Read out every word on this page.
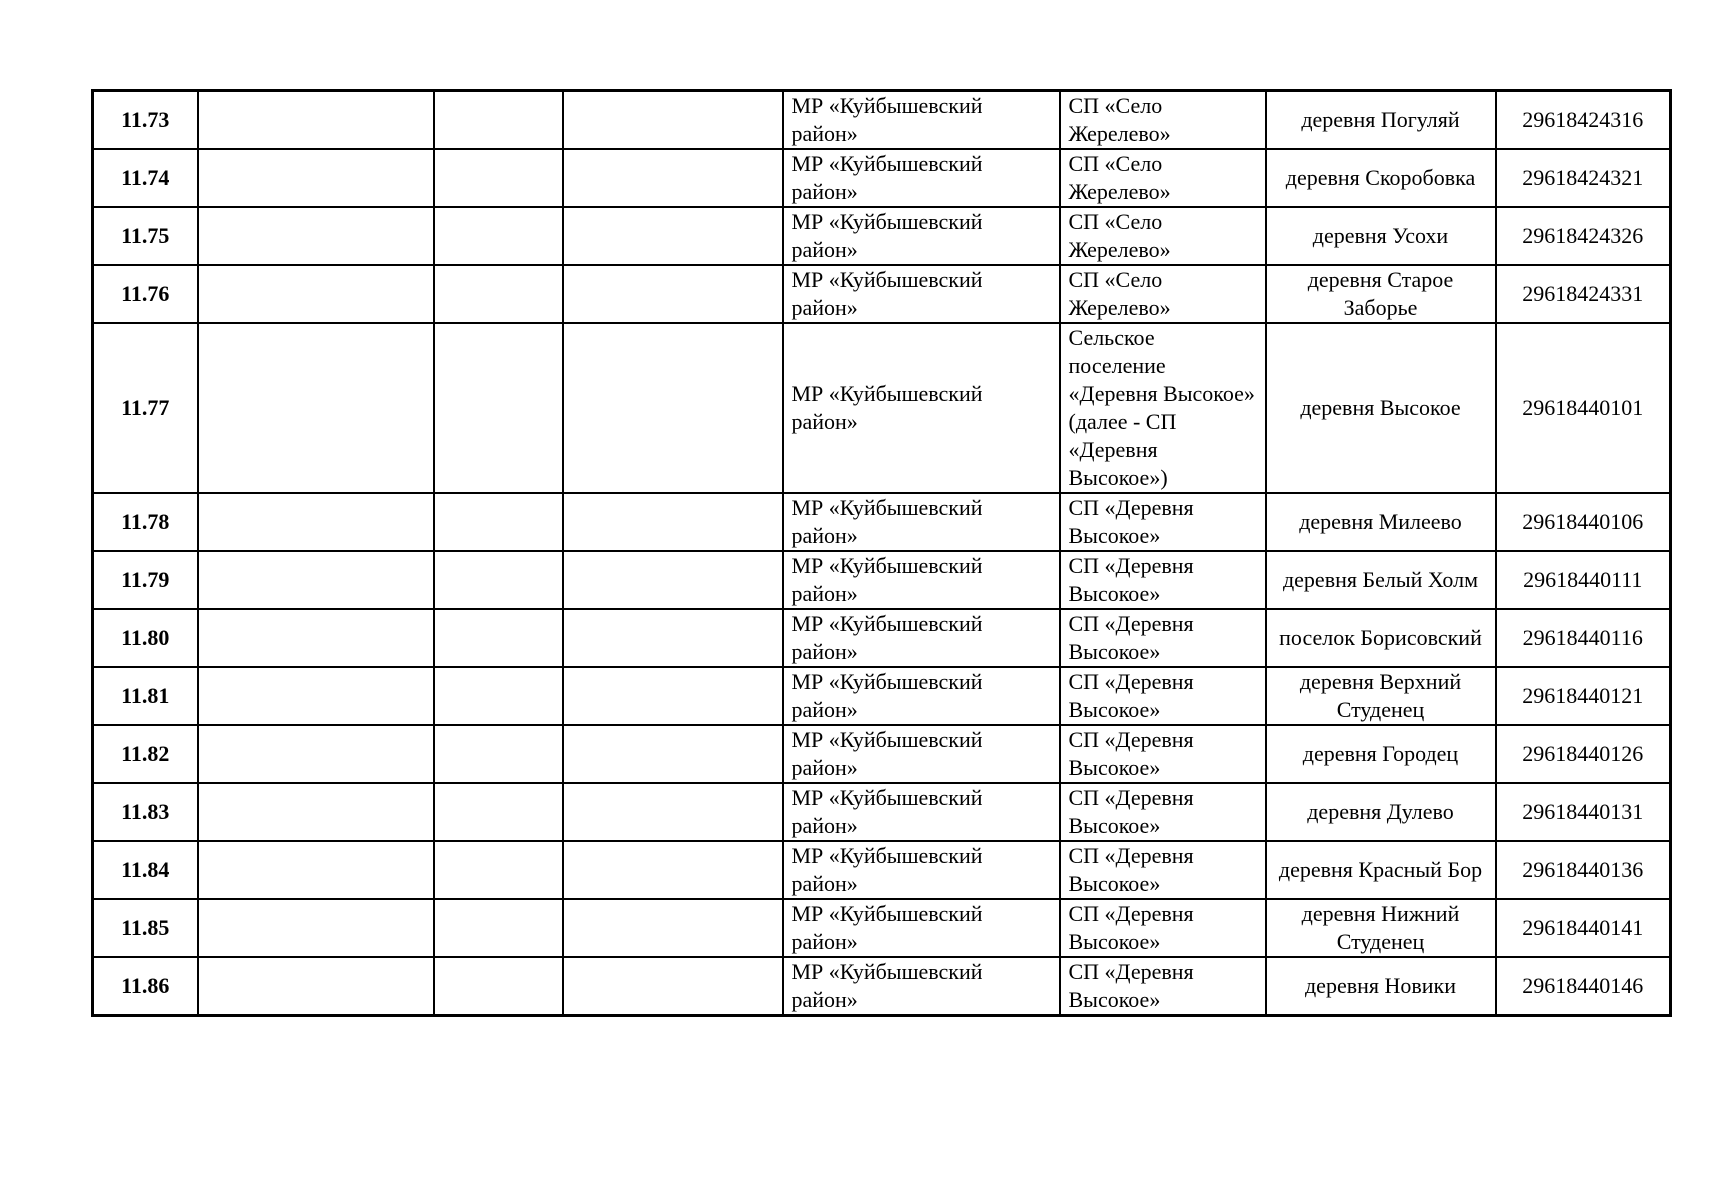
11.73				МР «Куйбышевский район»	СП «Село Жерелево»	деревня Погуляй	29618424316
11.74				МР «Куйбышевский район»	СП «Село Жерелево»	деревня Скоробовка	29618424321
11.75				МР «Куйбышевский район»	СП «Село Жерелево»	деревня Усохи	29618424326
11.76				МР «Куйбышевский район»	СП «Село Жерелево»	деревня Старое Заборье	29618424331
11.77				МР «Куйбышевский район»	Сельское поселение «Деревня Высокое» (далее - СП «Деревня Высокое»)	деревня Высокое	29618440101
11.78				МР «Куйбышевский район»	СП «Деревня Высокое»	деревня Милеево	29618440106
11.79				МР «Куйбышевский район»	СП «Деревня Высокое»	деревня Белый Холм	29618440111
11.80				МР «Куйбышевский район»	СП «Деревня Высокое»	поселок Борисовский	29618440116
11.81				МР «Куйбышевский район»	СП «Деревня Высокое»	деревня Верхний Студенец	29618440121
11.82				МР «Куйбышевский район»	СП «Деревня Высокое»	деревня Городец	29618440126
11.83				МР «Куйбышевский район»	СП «Деревня Высокое»	деревня Дулево	29618440131
11.84				МР «Куйбышевский район»	СП «Деревня Высокое»	деревня Красный Бор	29618440136
11.85				МР «Куйбышевский район»	СП «Деревня Высокое»	деревня Нижний Студенец	29618440141
11.86				МР «Куйбышевский район»	СП «Деревня Высокое»	деревня Новики	29618440146
